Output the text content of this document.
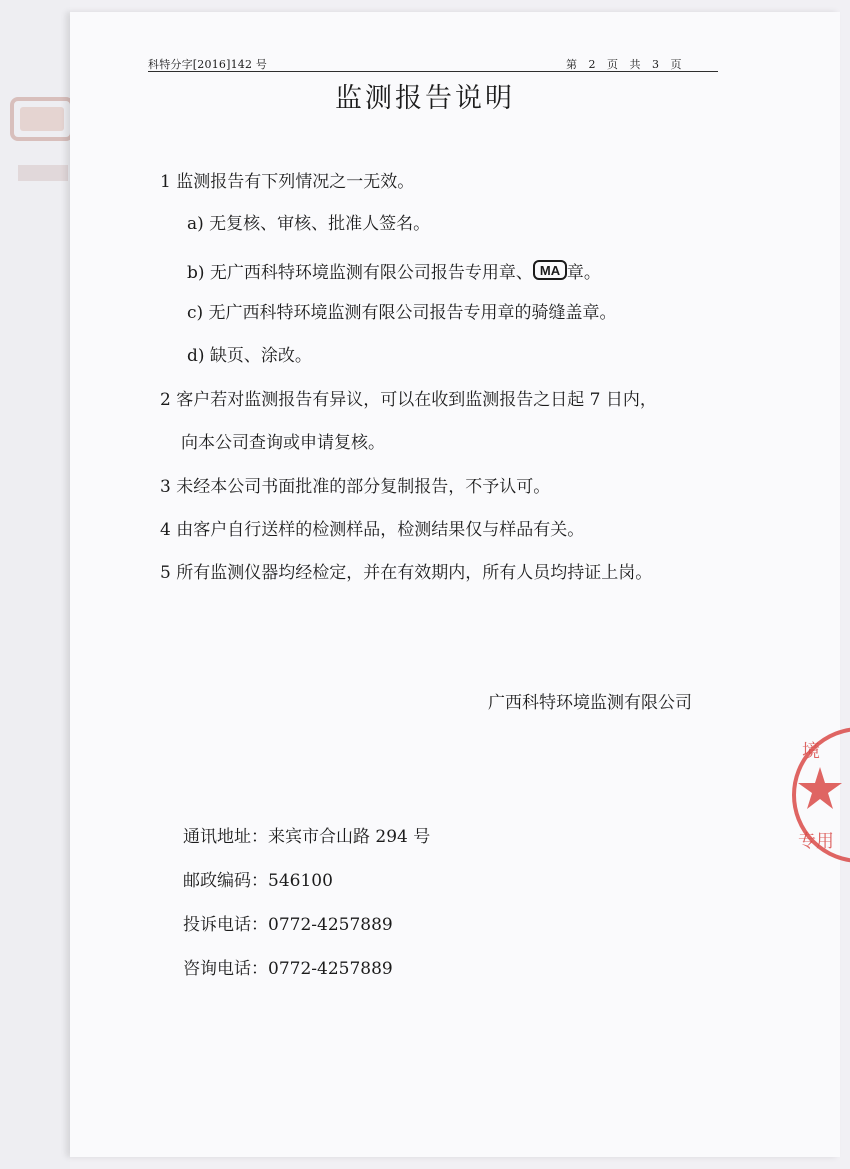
科特分字[2016]142 号	第 2 页 共 3 页
监测报告说明
1 监测报告有下列情况之一无效。
a) 无复核、审核、批准人签名。
b) 无广西科特环境监测有限公司报告专用章、 MA 章。
c) 无广西科特环境监测有限公司报告专用章的骑缝盖章。
d) 缺页、涂改。
2 客户若对监测报告有异议，可以在收到监测报告之日起 7 日内，
向本公司查询或申请复核。
3 未经本公司书面批准的部分复制报告，不予认可。
4 由客户自行送样的检测样品，检测结果仅与样品有关。
5 所有监测仪器均经检定，并在有效期内，所有人员均持证上岗。
广西科特环境监测有限公司
通讯地址：来宾市合山路 294 号
邮政编码：546100
投诉电话：0772-4257889
咨询电话：0772-4257889
境
专用
